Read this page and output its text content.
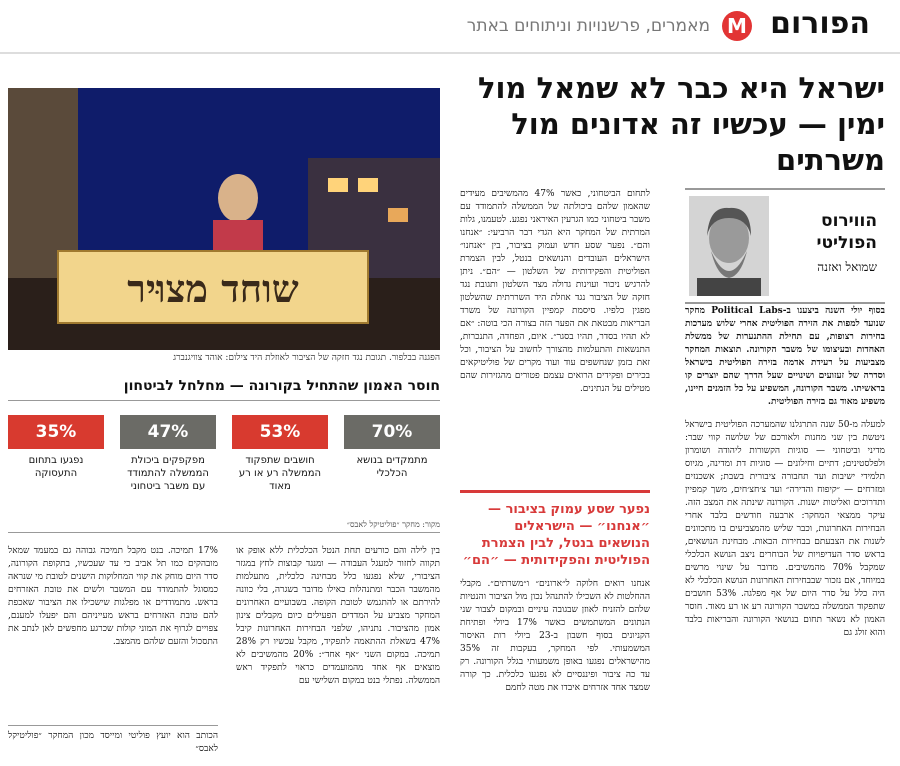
הפורום
M
מאמרים, פרשנויות וניתוחים באתר
ישראל היא כבר לא שמאל מול ימין — עכשיו זה אדונים מול משרתים
הווירוס הפוליטי
שמואל ואזנה
שוחד מצוּיר
הפגנה בבלפור. תגובת נגד חזקה של הציבור לאוזלת היד צילום: אוהד צוויגנברג
בסוף יולי השנה ביצענו ב-Political Labs מחקר שנועד למפות את הזירה הפוליטית אחרי שלוש מערכות בחירות רצופות, עם תחילת ההתנערות של ממשלת האחדות ובעיצומו של משבר הקורונה. תוצאות המחקר מצביעות על רעידת אדמה בזירה הפוליטית בישראל וסדרה של זעזועים ושינויים שעל הדרך שהם יוצרים קו בראשיתו. משבר הקורונה, המשפיע על כל הזמנים חיינו, משפיע מאוד גם בזירה הפוליטית.
למעלה מ-50 שנה התרגלנו שהמערכה הפוליטית בישראל ניטשת בין שני מחנות ולאורכם של שלושה קווי שבר: מדיני וביטחוני — סוגיות הקשורות ליהודה ושומרון ולפלסטינים; דתיים וחילונים — סוגיות דת ומדינה, מגיוס תלמידי ישיבות ועד תחבורה ציבורית בשבת; אשכנזים ומזרחים — ״קיפוח והדירה״ ועד צ׳חצ׳חים, משך קמפיין ותדרוכים ואליטות ישנות. הקורונה שינתה את המצב הזה. עיקר ממצאי המחקר: ארבעה חודשים בלבד אחרי הבחירות האחרונות, וכבר שליש מהמצביעים בו מתכוונים לשנות את הצבעתם בבחירות הבאות. מבחינת הנושאים, בראש סדר העדיפויות של הבוחרים ניצב הנושא הכלכלי שמקבל 70% מהמשיבים. מדובר על שינוי מרשים במיוחד, אם נזכור שבבחירות האחרונות הנושא הכלכלי לא היה כלל על סדר היום של אף מפלגה. 53% חושבים שתפקוד הממשלה במשבר הקורונה רע או רע מאוד. חוסר האמון לא נשאר תחום בנושאי הקורונה והבריאות בלבד והוא זולג גם
לתחום הביטחוני, כאשר 47% מהמשיבים מעידים שהאמון שלהם ביכולתה של הממשלה להתמודד עם משבר ביטחוני כמו הגרעין האיראני נפגע. לטעמנו, גלות המרתית של המחקר היא הגדי דבר הרביעי: ״אנחנו והם״. נפער שסע חדש ועמוק בציבור, בין ״אנחנו״ הישראלים העובדים והנושאים בנטל, לבין הצמרת הפוליטית והפקידותית של השלטון — ״הם״. ניתן להרגיש ניכור ועוינות גדולה מצד השלטון ותגובת נגד חזקה של הציבור נגד אוזלת היד השררתית שהשלטון מפגין כלפיו. סיסמת קמפיין הקורונה של משרד הבריאות מבטאת את הפער הזה בצורה הכי בוטה: ״אם לא תהיו בסדר, תהיו בסגר״. איום, הפחדה, התנכרות, התנשאות והתעלמות מהצורך לחשוב על הציבור, וכל זאת בזמן שנחשפים עוד ועוד מקרים של פוליטיקאים בכירים ופקידים הרואים עצמם פטורים מהגזירות שהם מטילים על הנתינים.
נפער שסע עמוק בציבור — ״אנחנו״ — הישראלים הנושאים בנטל, לבין הצמרת הפוליטית והפקידותית — ״הם״
אנחנו רואים חלוקה ל״ארונים״ ו״משרתים״. מקבלי ההחלטות לא השכילו להתנהל נכון מול הציבור והנטיות שלהם להזניח לאוזן שבגובה עיניים ובמקום לצבור שני הנתונים המשתמשים כאשר 17% ביולי ופתיחת הקניונים בסוף חשבון ב-23 ביולי רות האיסור המשמעותי. לפי המחקר, בעקבות זה 35% מהישראלים נפגעו באופן משמעותי בגלל הקורונה. רק עד כה ציבור ופיננסיים לא נפגעו כלכלית. כך קורה שמצד אחד אזרחים איבדו את מטה לחמם
חוסר האמון שהתחיל בקורונה — מחלחל לביטחון
70%
מתמקדים בנושא הכלכלי
53%
חושבים שתפקוד הממשלה רע או רע מאוד
47%
מפקפקים ביכולת הממשלה להתמודד עם משבר ביטחוני
35%
נפגעו בתחום התעסוקה
מקור: מחקר ״פוליטיקל לאבס״
בין לילה והם כורעים תחת הנטל הכלכלית ללא אופק או תקווה לחזור למעגל העבודה — ומנגד קבוצות לחץ במגזר הציבורי, שלא נפגעו כלל מבחינה כלכלית, מתעלמות מהמשבר הכבר ומתנהלות כאילו מדובר בשגרה, בלי כוונה להירתם או להתגמש לטובת הקופה. בשבועיים האחרונים המחקר מצביע על המדדים הפעילים כיום מקבלים צינון אמון מהציבור. נתניהו, שלפני הבחירות האחרונות קיבל 47% בשאלת ההתאמה לתפקיד, מקבל עכשיו רק 28% תמיכה. במקום השני ״אף אחד״: 20% מהמשיבים לא מוצאים אף אחד מהמועמדים כראוי לתפקיד ראש הממשלה. נפתלי בנט במקום השלישי עם
17% תמיכה. בנט מקבל תמיכה גבוהה גם במעמד שמאל מובהקים כמו תל אביב כי עד שעכשיו, בתקופת הקורונה, סדר היום מוחק את קווי המחלוקות הישנים לטובת מי שנראה כמסוגל להתמודד עם המשבר ולשים את טובת האזרחים בראש. מתמודדים או מפלגות שישכילו את הציבור שאכפת להם טובת האזרחים בראש מעייניהם והם יפעלו למענם, צפויים לגרוף את המוני קולות שכרגע מחפשים לאן לנתב את התסכול והזעם שלהם מהמצב.
הכותב הוא יועץ פוליטי ומייסד מכון המחקר ״פוליטיקל לאבס״
